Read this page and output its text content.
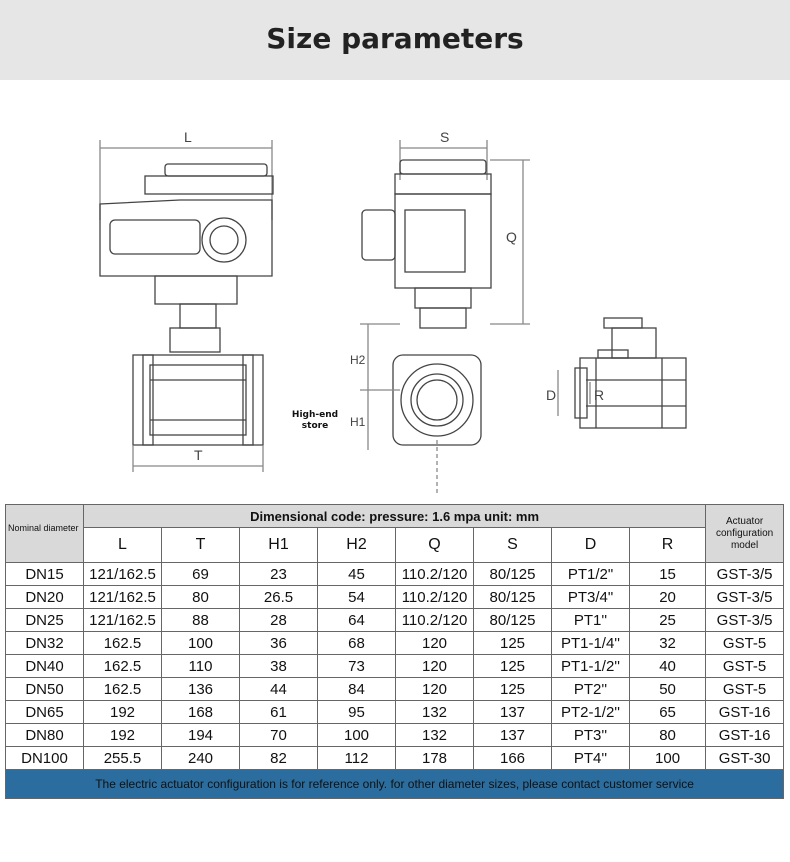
Size parameters
L
T
S
Q
H2
H1
D	R
High-end store
Nominal diameter	Dimensional code: pressure: 1.6 mpa unit: mm								Actuator configuration model
	L	T	H1	H2	Q	S	D	R	
DN15	121/162.5	69	23	45	110.2/120	80/125	PT1/2"	15	GST-3/5
DN20	121/162.5	80	26.5	54	110.2/120	80/125	PT3/4"	20	GST-3/5
DN25	121/162.5	88	28	64	110.2/120	80/125	PT1''	25	GST-3/5
DN32	162.5	100	36	68	120	125	PT1-1/4''	32	GST-5
DN40	162.5	110	38	73	120	125	PT1-1/2''	40	GST-5
DN50	162.5	136	44	84	120	125	PT2''	50	GST-5
DN65	192	168	61	95	132	137	PT2-1/2''	65	GST-16
DN80	192	194	70	100	132	137	PT3''	80	GST-16
DN100	255.5	240	82	112	178	166	PT4''	100	GST-30
The electric actuator configuration is for reference only. for other diameter sizes, please contact customer service									
